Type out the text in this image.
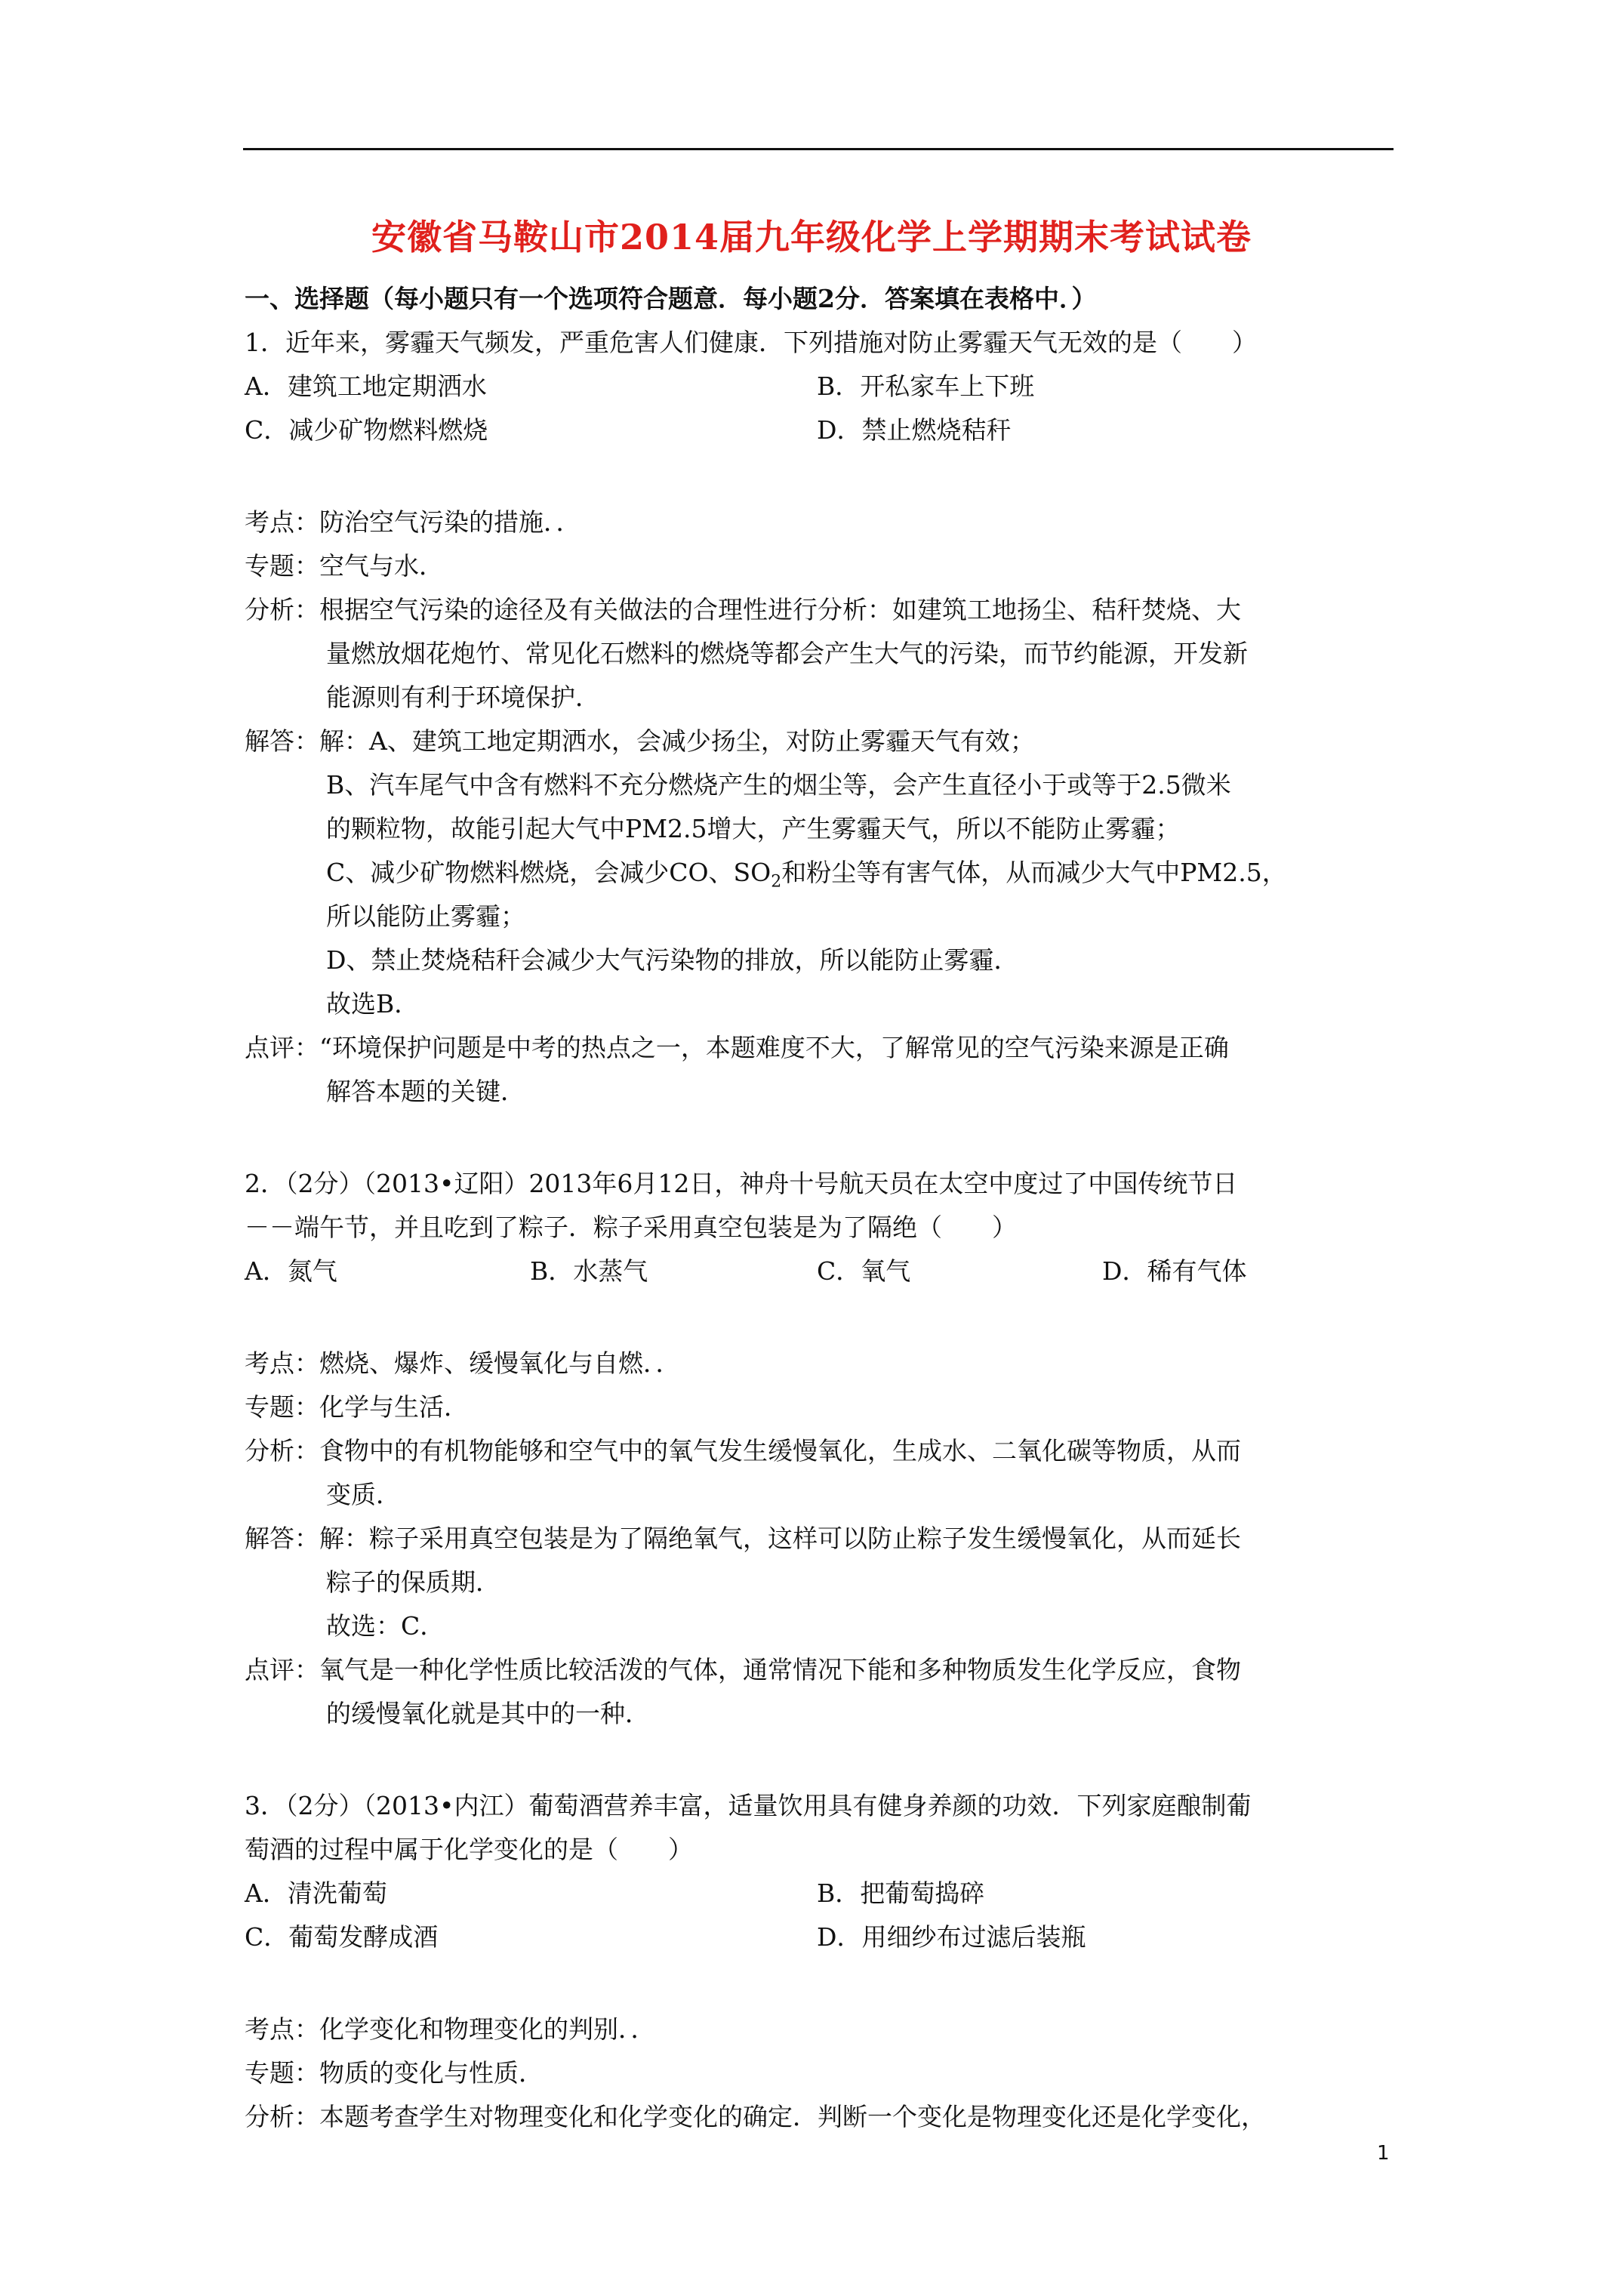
安徽省马鞍山市2014届九年级化学上学期期末考试试卷
一、选择题（每小题只有一个选项符合题意．每小题2分．答案填在表格中．）
1．近年来，雾霾天气频发，严重危害人们健康．下列措施对防止雾霾天气无效的是（　　）
A．建筑工地定期洒水	B．开私家车上下班
C．减少矿物燃料燃烧	D．禁止燃烧秸秆
考点：防治空气污染的措施．．
专题：空气与水．
分析：根据空气污染的途径及有关做法的合理性进行分析：如建筑工地扬尘、秸秆焚烧、大
量燃放烟花炮竹、常见化石燃料的燃烧等都会产生大气的污染，而节约能源，开发新
能源则有利于环境保护．
解答：解：A、建筑工地定期洒水，会减少扬尘，对防止雾霾天气有效；
B、汽车尾气中含有燃料不充分燃烧产生的烟尘等，会产生直径小于或等于2.5微米
的颗粒物，故能引起大气中PM2.5增大，产生雾霾天气，所以不能防止雾霾；
C、减少矿物燃料燃烧，会减少CO、$SO_2$和粉尘等有害气体，从而减少大气中PM2.5，
所以能防止雾霾；
D、禁止焚烧秸秆会减少大气污染物的排放，所以能防止雾霾．
故选B．
点评：“环境保护问题是中考的热点之一，本题难度不大，了解常见的空气污染来源是正确
解答本题的关键．
2．（2分）（2013•辽阳）2013年6月12日，神舟十号航天员在太空中度过了中国传统节日
－－端午节，并且吃到了粽子．粽子采用真空包装是为了隔绝（　　）
A．氮气	B．水蒸气	C．氧气	D．稀有气体
考点：燃烧、爆炸、缓慢氧化与自燃．．
专题：化学与生活．
分析：食物中的有机物能够和空气中的氧气发生缓慢氧化，生成水、二氧化碳等物质，从而
变质．
解答：解：粽子采用真空包装是为了隔绝氧气，这样可以防止粽子发生缓慢氧化，从而延长
粽子的保质期．
故选：C．
点评：氧气是一种化学性质比较活泼的气体，通常情况下能和多种物质发生化学反应，食物
的缓慢氧化就是其中的一种．
3．（2分）（2013•内江）葡萄酒营养丰富，适量饮用具有健身养颜的功效．下列家庭酿制葡
萄酒的过程中属于化学变化的是（　　）
A．清洗葡萄	B．把葡萄捣碎
C．葡萄发酵成酒	D．用细纱布过滤后装瓶
考点：化学变化和物理变化的判别．．
专题：物质的变化与性质．
分析：本题考查学生对物理变化和化学变化的确定．判断一个变化是物理变化还是化学变化，
1
